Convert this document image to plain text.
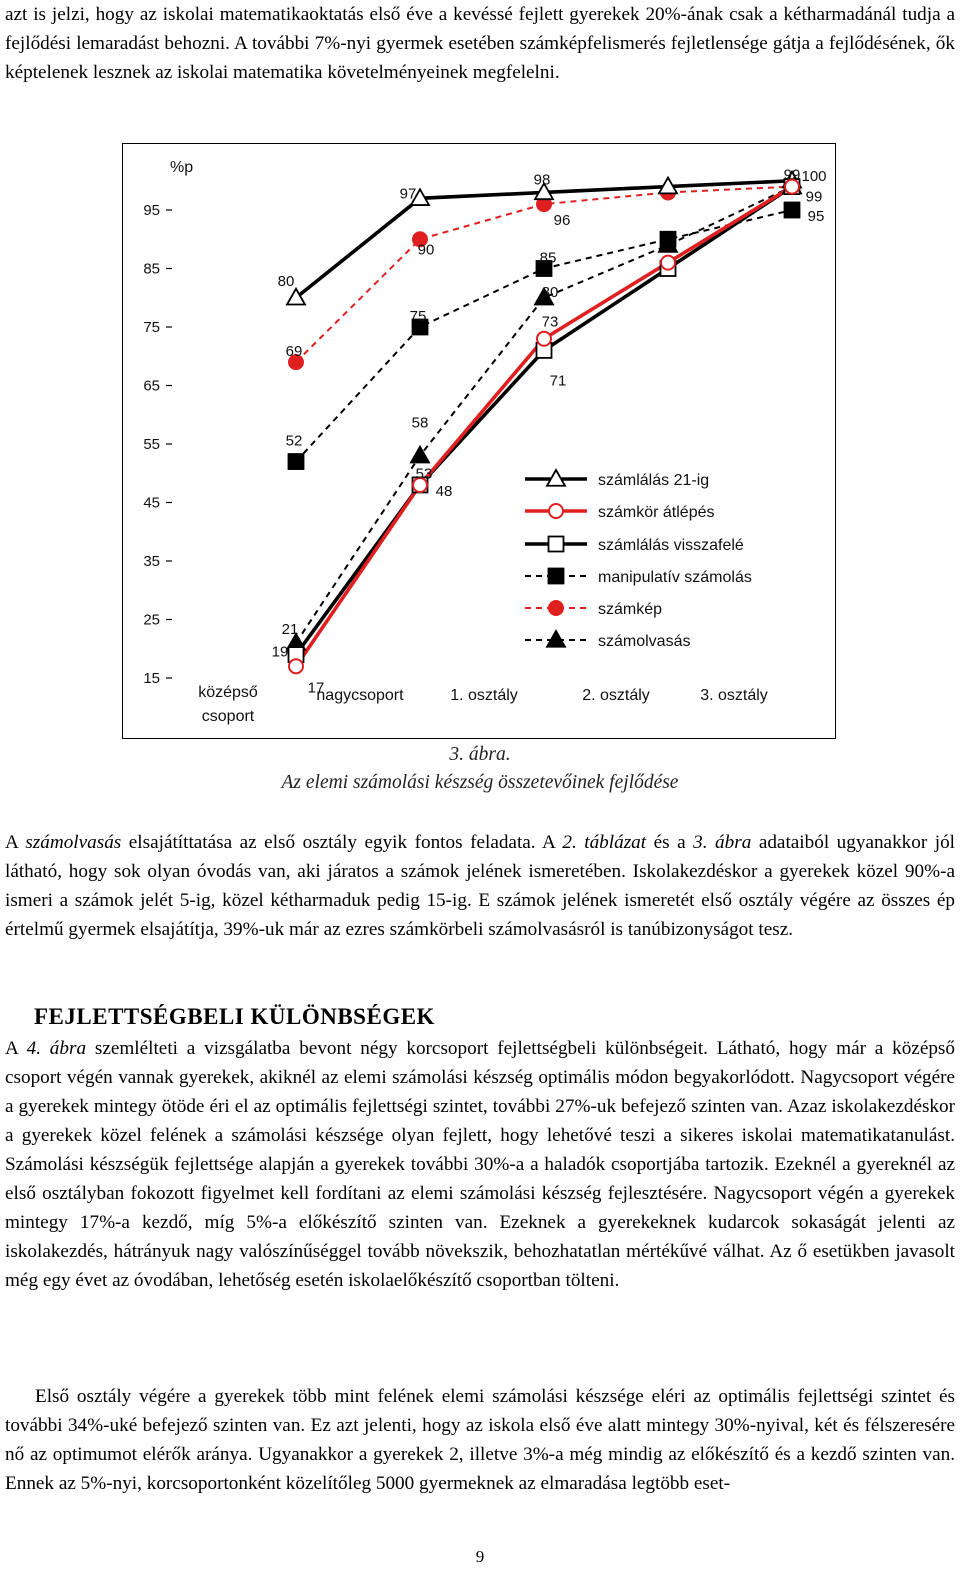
azt is jelzi, hogy az iskolai matematikaoktatás első éve a kevéssé fejlett gyerekek 20%-ának csak a kétharmadánál tudja a fejlődési lemaradást behozni. A további 7%-nyi gyermek esetében számképfelismerés fejletlensége gátja a fejlődésének, ők képtelenek lesznek az iskolai matematika követelményeinek megfelelni.

95
85
75
65
55
45
35
25
15
%p
középső
csoport
nagycsoport	1. osztály	2. osztály	3. osztály
80
97
98	100
17
73
99
19
48
71
52
75
85
95
69
90
96
21
53
80
99
58
számlálás 21-ig
számkör átlépés
számlálás visszafelé
manipulatív számolás
számkép
számolvasás

3. ábra.

Az elemi számolási készség összetevőinek fejlődése

A számolvasás elsajátíttatása az első osztály egyik fontos feladata. A 2. táblázat és a 3. ábra adataiból ugyanakkor jól látható, hogy sok olyan óvodás van, aki járatos a számok jelének ismeretében. Iskolakezdéskor a gyerekek közel 90%-a ismeri a számok jelét 5-ig, közel kétharmaduk pedig 15-ig. E számok jelének ismeretét első osztály végére az összes ép értelmű gyermek elsajátítja, 39%-uk már az ezres számkörbeli számolvasásról is tanúbizonyságot tesz.

FEJLETTSÉGBELI KÜLÖNBSÉGEK

A 4. ábra szemlélteti a vizsgálatba bevont négy korcsoport fejlettségbeli különbségeit. Látható, hogy már a középső csoport végén vannak gyerekek, akiknél az elemi számolási készség optimális módon begyakorlódott. Nagycsoport végére a gyerekek mintegy ötöde éri el az optimális fejlettségi szintet, további 27%-uk befejező szinten van. Azaz iskolakezdéskor a gyerekek közel felének a számolási készsége olyan fejlett, hogy lehetővé teszi a sikeres iskolai matematikatanulást. Számolási készségük fejlettsége alapján a gyerekek további 30%-a a haladók csoportjába tartozik. Ezeknél a gyereknél az első osztályban fokozott figyelmet kell fordítani az elemi számolási készség fejlesztésére. Nagycsoport végén a gyerekek mintegy 17%-a kezdő, míg 5%-a előkészítő szinten van. Ezeknek a gyerekeknek kudarcok sokaságát jelenti az iskolakezdés, hátrányuk nagy valószínűséggel tovább növekszik, behozhatatlan mértékűvé válhat. Az ő esetükben javasolt még egy évet az óvodában, lehetőség esetén iskolaelőkészítő csoportban tölteni.

Első osztály végére a gyerekek több mint felének elemi számolási készsége eléri az optimális fejlettségi szintet és további 34%-uké befejező szinten van. Ez azt jelenti, hogy az iskola első éve alatt mintegy 30%-nyival, két és félszeresére nő az optimumot elérők aránya. Ugyanakkor a gyerekek 2, illetve 3%-a még mindig az előkészítő és a kezdő szinten van. Ennek az 5%-nyi, korcsoportonként közelítőleg 5000 gyermeknek az elmaradása legtöbb eset-

9
